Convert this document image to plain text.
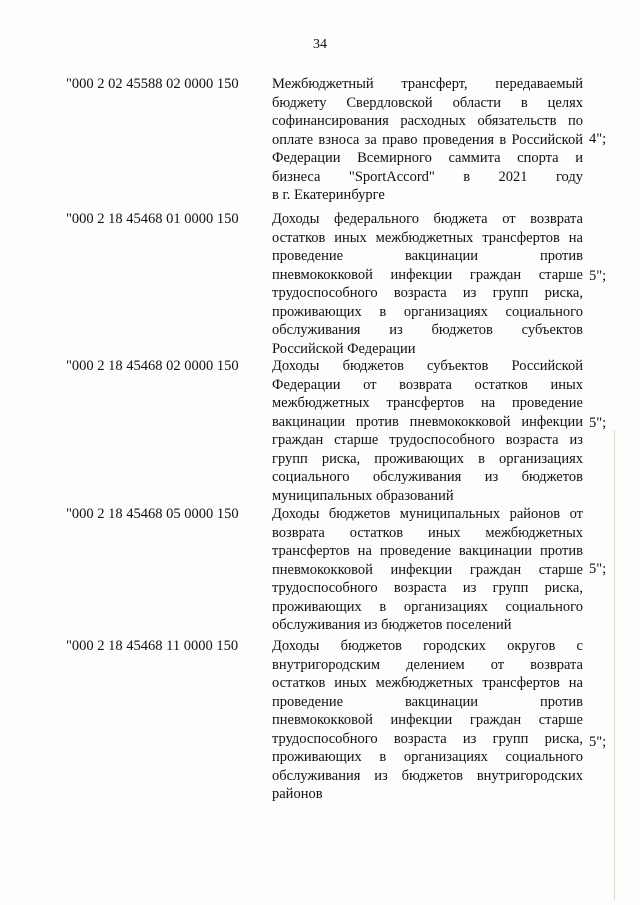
34
"000 2 02 45588 02 0000 150 Межбюджетный трансферт, передаваемый
бюджету Свердловской области в целях
софинансирования расходных обязательств по
оплате взноса за право проведения в Российской
Федерации Всемирного саммита спорта и
бизнеса "SportAccord" в 2021 году
в г. Екатеринбурге
4";
"000 2 18 45468 01 0000 150 Доходы федерального бюджета от возврата
остатков иных межбюджетных трансфертов на
проведение вакцинации против
пневмококковой инфекции граждан старше
трудоспособного возраста из групп риска,
проживающих в организациях социального
обслуживания из бюджетов субъектов
Российской Федерации
5";
"000 2 18 45468 02 0000 150 Доходы бюджетов субъектов Российской
Федерации от возврата остатков иных
межбюджетных трансфертов на проведение
вакцинации против пневмококковой инфекции
граждан старше трудоспособного возраста из
групп риска, проживающих в организациях
социального обслуживания из бюджетов
муниципальных образований
5";
"000 2 18 45468 05 0000 150 Доходы бюджетов муниципальных районов от
возврата остатков иных межбюджетных
трансфертов на проведение вакцинации против
пневмококковой инфекции граждан старше
трудоспособного возраста из групп риска,
проживающих в организациях социального
обслуживания из бюджетов поселений
5";
"000 2 18 45468 11 0000 150 Доходы бюджетов городских округов с
внутригородским делением от возврата
остатков иных межбюджетных трансфертов на
проведение вакцинации против
пневмококковой инфекции граждан старше
трудоспособного возраста из групп риска,
проживающих в организациях социального
обслуживания из бюджетов внутригородских
районов
5";
